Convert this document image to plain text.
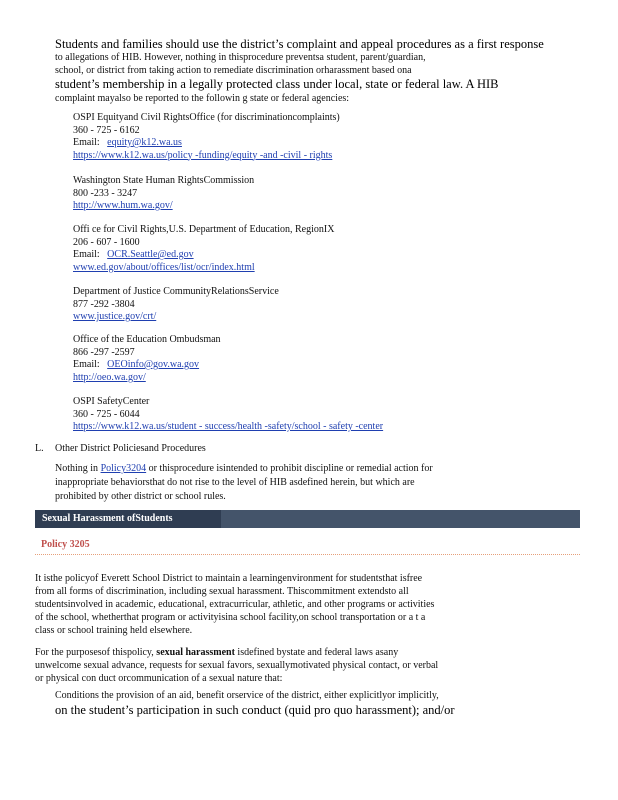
Students and families should use the district’s complaint and appeal procedures as a first response
to allegations of HIB. However, nothing in thisprocedure preventsa student, parent/guardian,
school, or district from taking action to remediate discrimination orharassment based ona
student’s membership in a legally protected class under local, state or federal law. A HIB
complaint mayalso be reported to the followin g state or federal agencies:
OSPI Equityand Civil RightsOffice (for discriminationcomplaints)
360 - 725 - 6162
Email: equity@k12.wa.us
https://www.k12.wa.us/policy -funding/equity -and -civil - rights
Washington State Human RightsCommission
800 -233 - 3247
http://www.hum.wa.gov/
Offi ce for Civil Rights,U.S. Department of Education, RegionIX
206 - 607 - 1600
Email: OCR.Seattle@ed.gov
www.ed.gov/about/offices/list/ocr/index.html
Department of Justice CommunityRelationsService
877 -292 -3804
www.justice.gov/crt/
Office of the Education Ombudsman
866 -297 -2597
Email: OEOinfo@gov.wa.gov
http://oeo.wa.gov/
OSPI SafetyCenter
360 - 725 - 6044
https://www.k12.wa.us/student - success/health -safety/school - safety -center
L. Other District Policiesand Procedures
Nothing in Policy3204 or thisprocedure isintended to prohibit discipline or remedial action for
inappropriate behaviorsthat do not rise to the level of HIB asdefined herein, but which are
prohibited by other district or school rules.
Sexual Harassment ofStudents
Policy 3205
It isthe policyof Everett School District to maintain a learningenvironment for studentsthat isfree
from all forms of discrimination, including sexual harassment. Thiscommitment extendsto all
studentsinvolved in academic, educational, extracurricular, athletic, and other programs or activities
of the school, whetherthat program or activityisina school facility,on school transportation or a t a
class or school training held elsewhere.
For the purposesof thispolicy, sexual harassment isdefined bystate and federal laws asany
unwelcome sexual advance, requests for sexual favors, sexuallymotivated physical contact, or verbal
or physical con duct orcommunication of a sexual nature that:
Conditions the provision of an aid, benefit orservice of the district, either explicitlyor implicitly,
on the student’s participation in such conduct (quid pro quo harassment); and/or
